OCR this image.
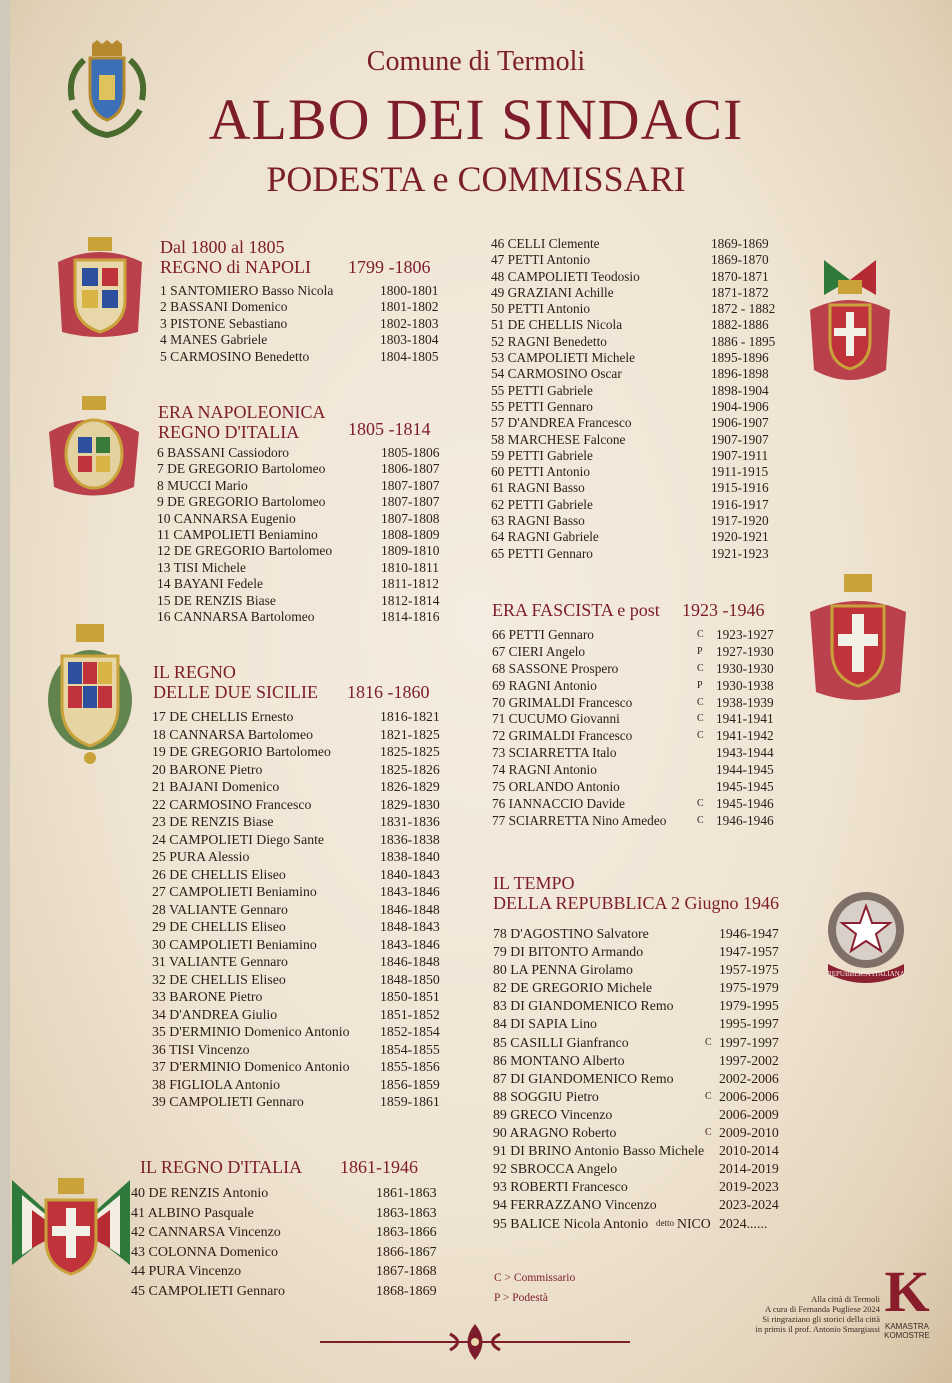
Comune di Termoli
ALBO DEI SINDACI
PODESTA e COMMISSARI
Dal 1800 al 1805
REGNO di NAPOLI 1799 -1806
1 SANTOMIERO Basso Nicola	1800-1801
2 BASSANI Domenico	1801-1802
3 PISTONE Sebastiano	1802-1803
4 MANES Gabriele	1803-1804
5 CARMOSINO Benedetto	1804-1805
ERA NAPOLEONICA
REGNO D'ITALIA	1805 -1814
6 BASSANI Cassiodoro	1805-1806
7 DE GREGORIO Bartolomeo	1806-1807
8 MUCCI Mario	1807-1807
9 DE GREGORIO Bartolomeo	1807-1807
10 CANNARSA Eugenio	1807-1808
11 CAMPOLIETI Beniamino	1808-1809
12 DE GREGORIO Bartolomeo	1809-1810
13 TISI Michele	1810-1811
14 BAYANI Fedele	1811-1812
15 DE RENZIS Biase	1812-1814
16 CANNARSA Bartolomeo	1814-1816
IL REGNO
DELLE DUE SICILIE 1816 -1860
17 DE CHELLIS Ernesto	1816-1821
18 CANNARSA Bartolomeo	1821-1825
19 DE GREGORIO Bartolomeo	1825-1825
20 BARONE Pietro	1825-1826
21 BAJANI Domenico	1826-1829
22 CARMOSINO Francesco	1829-1830
23 DE RENZIS Biase	1831-1836
24 CAMPOLIETI Diego Sante	1836-1838
25 PURA Alessio	1838-1840
26 DE CHELLIS Eliseo	1840-1843
27 CAMPOLIETI Beniamino	1843-1846
28 VALIANTE Gennaro	1846-1848
29 DE CHELLIS Eliseo	1848-1843
30 CAMPOLIETI Beniamino	1843-1846
31 VALIANTE Gennaro	1846-1848
32 DE CHELLIS Eliseo	1848-1850
33 BARONE Pietro	1850-1851
34 D'ANDREA Giulio	1851-1852
35 D'ERMINIO Domenico Antonio 1852-1854
36 TISI Vincenzo	1854-1855
37 D'ERMINIO Domenico Antonio 1855-1856
38 FIGLIOLA Antonio	1856-1859
39 CAMPOLIETI Gennaro	1859-1861
IL REGNO D'ITALIA 1861-1946
40 DE RENZIS Antonio	1861-1863
41 ALBINO Pasquale	1863-1863
42 CANNARSA Vincenzo	1863-1866
43 COLONNA Domenico	1866-1867
44 PURA Vincenzo	1867-1868
45 CAMPOLIETI Gennaro	1868-1869
46 CELLI Clemente	1869-1869
47 PETTI Antonio	1869-1870
48 CAMPOLIETI Teodosio	1870-1871
49 GRAZIANI Achille	1871-1872
50 PETTI Antonio	1872 - 1882
51 DE CHELLIS Nicola	1882-1886
52 RAGNI Benedetto	1886 - 1895
53 CAMPOLIETI Michele	1895-1896
54 CARMOSINO Oscar	1896-1898
55 PETTI Gabriele	1898-1904
55 PETTI Gennaro	1904-1906
57 D'ANDREA Francesco	1906-1907
58 MARCHESE Falcone	1907-1907
59 PETTI Gabriele	1907-1911
60 PETTI Antonio	1911-1915
61 RAGNI Basso	1915-1916
62 PETTI Gabriele	1916-1917
63 RAGNI Basso	1917-1920
64 RAGNI Gabriele	1920-1921
65 PETTI Gennaro	1921-1923
ERA FASCISTA e post 1923 -1946
66 PETTI Gennaro	C 1923-1927
67 CIERI Angelo	P 1927-1930
68 SASSONE Prospero	C 1930-1930
69 RAGNI Antonio	P 1930-1938
70 GRIMALDI Francesco	C 1938-1939
71 CUCUMO Giovanni	C 1941-1941
72 GRIMALDI Francesco	C 1941-1942
73 SCIARRETTA Italo	1943-1944
74 RAGNI Antonio	1944-1945
75 ORLANDO Antonio	1945-1945
76 IANNACCIO Davide	C 1945-1946
77 SCIARRETTA Nino Amedeo	C 1946-1946
IL TEMPO
DELLA REPUBBLICA 2 Giugno 1946
REPUBBLICA ITALIANA
78 D'AGOSTINO Salvatore	1946-1947
79 DI BITONTO Armando	1947-1957
80 LA PENNA Girolamo	1957-1975
82 DE GREGORIO Michele	1975-1979
83 DI GIANDOMENICO Remo	1979-1995
84 DI SAPIA Lino	1995-1997
85 CASILLI Gianfranco	C 1997-1997
86 MONTANO Alberto	1997-2002
87 DI GIANDOMENICO Remo	2002-2006
88 SOGGIU Pietro	C 2006-2006
89 GRECO Vincenzo	2006-2009
90 ARAGNO Roberto	C 2009-2010
91 DI BRINO Antonio Basso Michele 2010-2014
92 SBROCCA Angelo	2014-2019
93 ROBERTI Francesco	2019-2023
94 FERRAZZANO Vincenzo	2023-2024
95 BALICE Nicola Antonio detto NICO 2024......
C > Commissario
P > Podestà	Alla città di Termoli
A cura di Fernanda Pugliese 2024
Si ringraziano gli storici della città
in primis il prof. Antonio Smargiassi
K
KAMASTRA
KOMOSTRE
